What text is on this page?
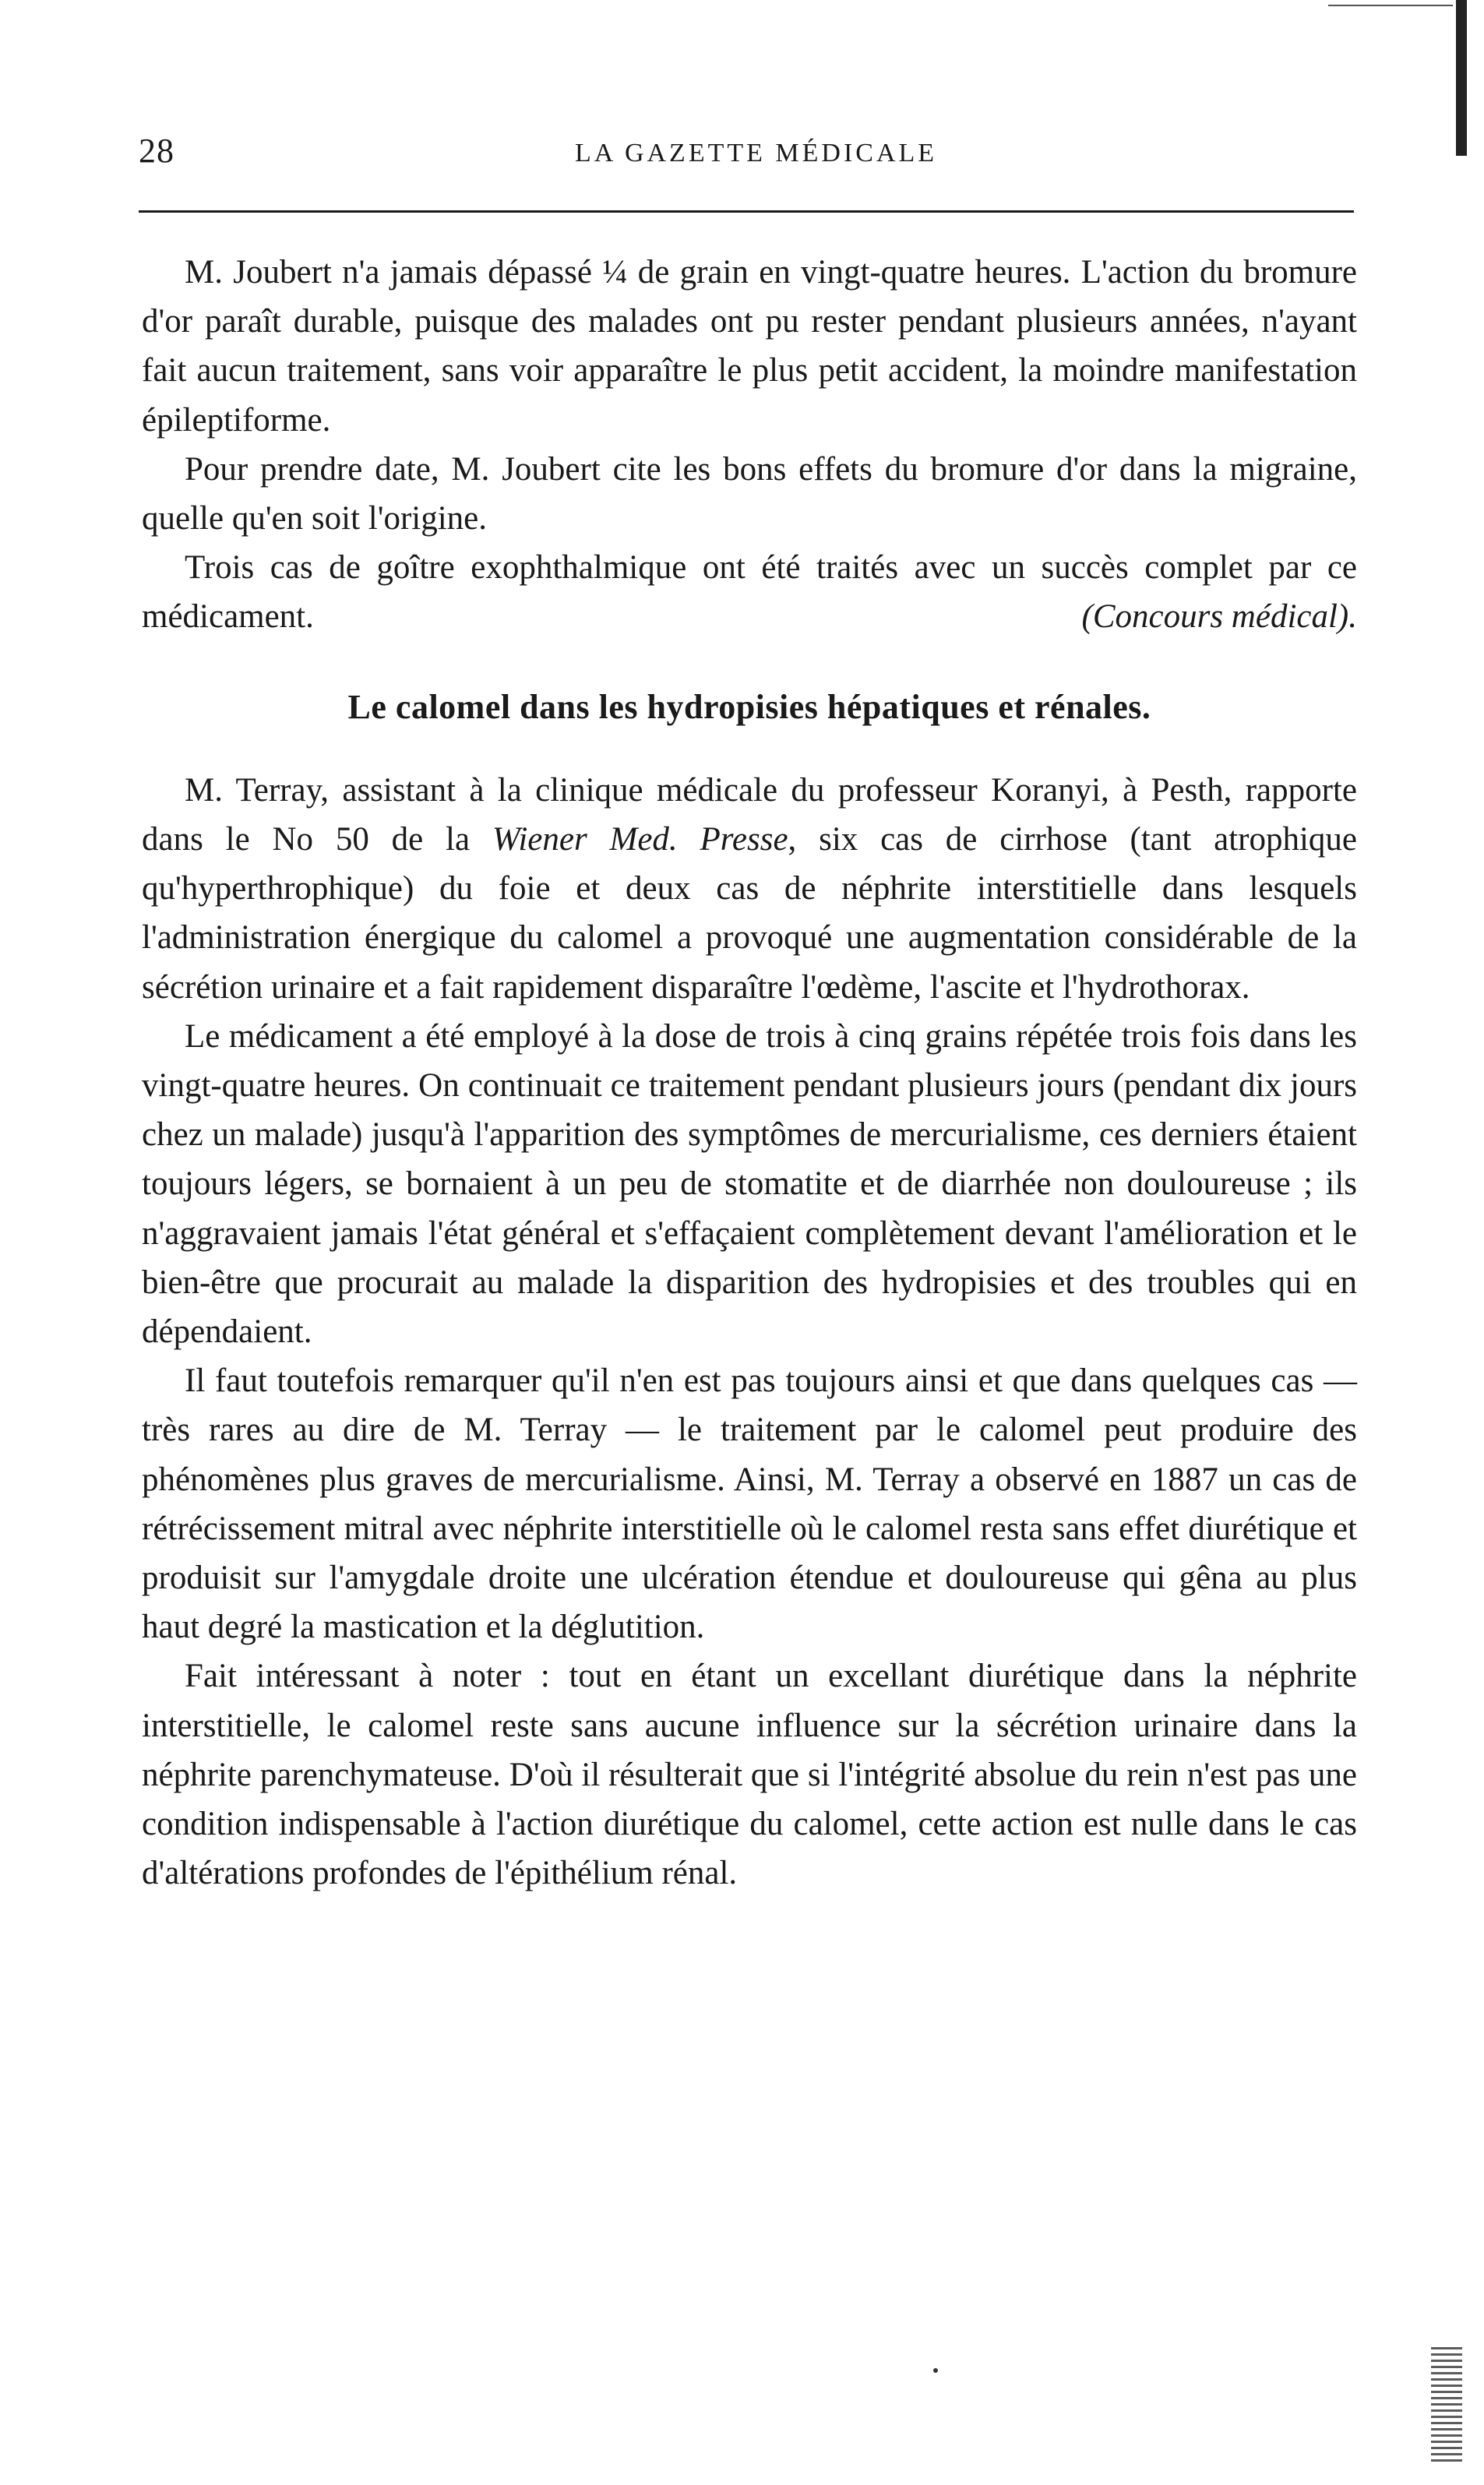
28	LA GAZETTE MÉDICALE

M. Joubert n'a jamais dépassé ¼ de grain en vingt-quatre heures. L'action du bromure d'or paraît durable, puisque des malades ont pu rester pendant plusieurs années, n'ayant fait aucun traitement, sans voir apparaître le plus petit accident, la moindre manifestation épileptiforme.

Pour prendre date, M. Joubert cite les bons effets du bromure d'or dans la migraine, quelle qu'en soit l'origine.

Trois cas de goître exophthalmique ont été traités avec un succès complet par ce médicament.	(Concours médical).

Le calomel dans les hydropisies hépatiques et rénales.

M. Terray, assistant à la clinique médicale du professeur Koranyi, à Pesth, rapporte dans le No 50 de la Wiener Med. Presse, six cas de cirrhose (tant atrophique qu'hyperthrophique) du foie et deux cas de néphrite interstitielle dans lesquels l'administration énergique du calomel a provoqué une augmentation considérable de la sécrétion urinaire et a fait rapidement disparaître l'œdème, l'ascite et l'hydrothorax.

Le médicament a été employé à la dose de trois à cinq grains répétée trois fois dans les vingt-quatre heures. On continuait ce traitement pendant plusieurs jours (pendant dix jours chez un malade) jusqu'à l'apparition des symptômes de mercurialisme, ces derniers étaient toujours légers, se bornaient à un peu de stomatite et de diarrhée non douloureuse ; ils n'aggravaient jamais l'état général et s'effaçaient complètement devant l'amélioration et le bien-être que procurait au malade la disparition des hydropisies et des troubles qui en dépendaient.

Il faut toutefois remarquer qu'il n'en est pas toujours ainsi et que dans quelques cas — très rares au dire de M. Terray — le traitement par le calomel peut produire des phénomènes plus graves de mercurialisme. Ainsi, M. Terray a observé en 1887 un cas de rétrécissement mitral avec néphrite interstitielle où le calomel resta sans effet diurétique et produisit sur l'amygdale droite une ulcération étendue et douloureuse qui gêna au plus haut degré la mastication et la déglutition.

Fait intéressant à noter : tout en étant un excellant diurétique dans la néphrite interstitielle, le calomel reste sans aucune influence sur la sécrétion urinaire dans la néphrite parenchymateuse. D'où il résulterait que si l'intégrité absolue du rein n'est pas une condition indispensable à l'action diurétique du calomel, cette action est nulle dans le cas d'altérations profondes de l'épithélium rénal.
